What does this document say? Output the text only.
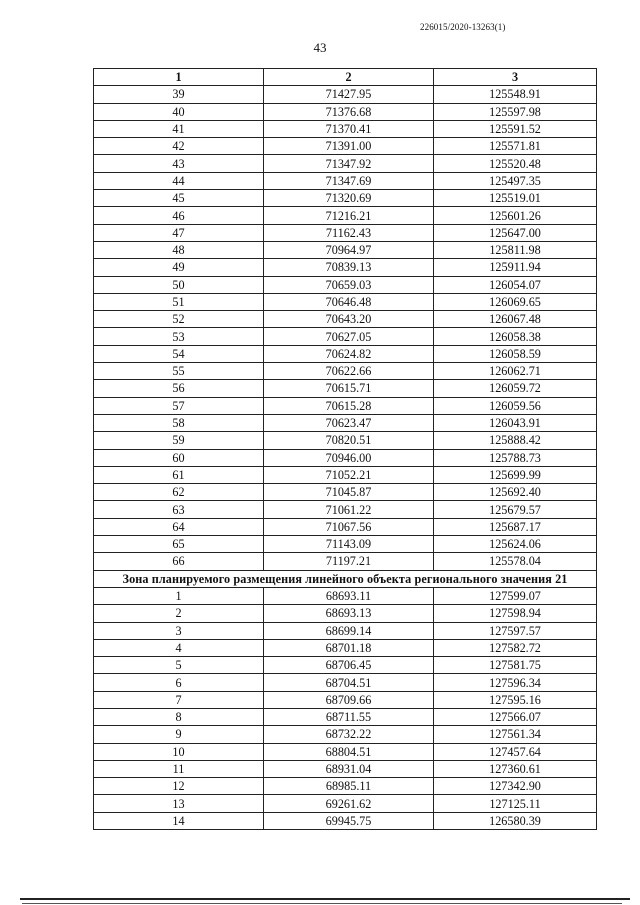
226015/2020-13263(1)
43
1	2	3
39	71427.95	125548.91
40	71376.68	125597.98
41	71370.41	125591.52
42	71391.00	125571.81
43	71347.92	125520.48
44	71347.69	125497.35
45	71320.69	125519.01
46	71216.21	125601.26
47	71162.43	125647.00
48	70964.97	125811.98
49	70839.13	125911.94
50	70659.03	126054.07
51	70646.48	126069.65
52	70643.20	126067.48
53	70627.05	126058.38
54	70624.82	126058.59
55	70622.66	126062.71
56	70615.71	126059.72
57	70615.28	126059.56
58	70623.47	126043.91
59	70820.51	125888.42
60	70946.00	125788.73
61	71052.21	125699.99
62	71045.87	125692.40
63	71061.22	125679.57
64	71067.56	125687.17
65	71143.09	125624.06
66	71197.21	125578.04
Зона планируемого размещения линейного объекта регионального значения 21		
1	68693.11	127599.07
2	68693.13	127598.94
3	68699.14	127597.57
4	68701.18	127582.72
5	68706.45	127581.75
6	68704.51	127596.34
7	68709.66	127595.16
8	68711.55	127566.07
9	68732.22	127561.34
10	68804.51	127457.64
11	68931.04	127360.61
12	68985.11	127342.90
13	69261.62	127125.11
14	69945.75	126580.39
